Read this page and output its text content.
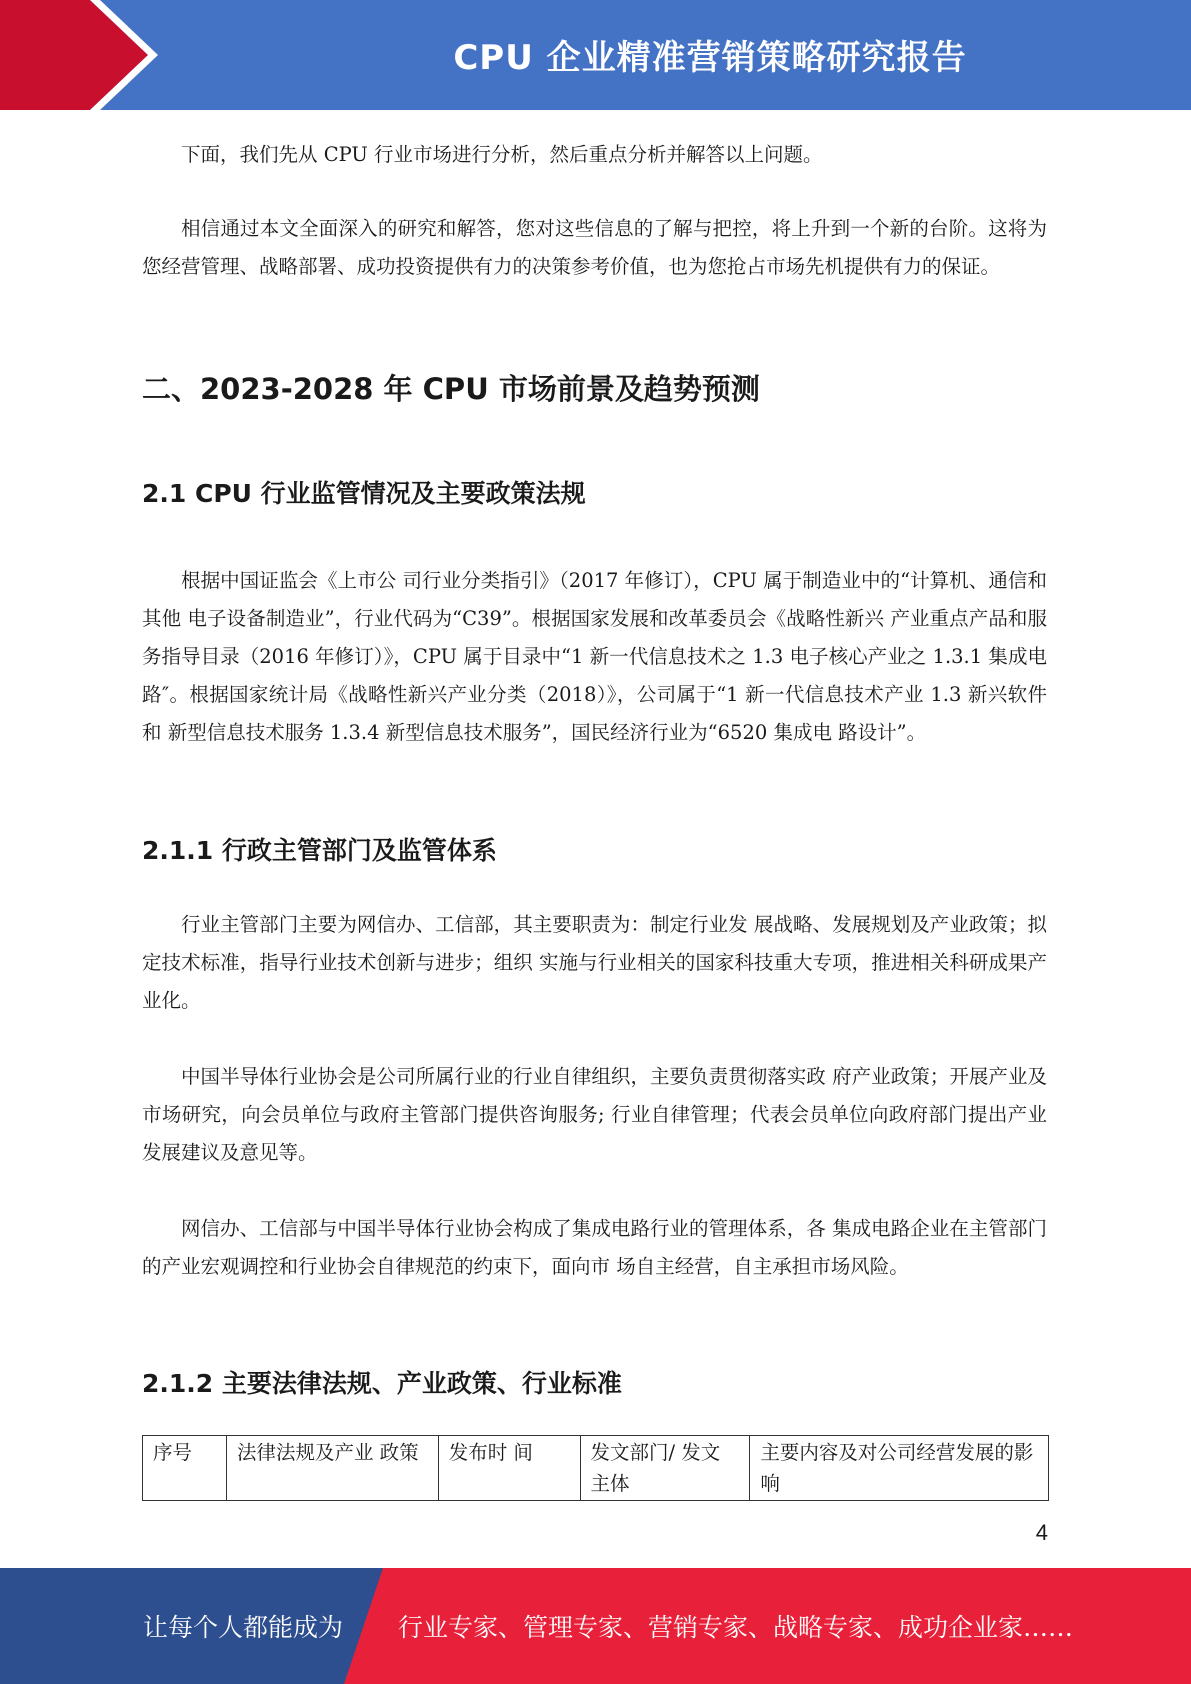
CPU 企业精准营销策略研究报告

下面，我们先从 CPU 行业市场进行分析，然后重点分析并解答以上问题。

相信通过本文全面深入的研究和解答，您对这些信息的了解与把控，将上升到一个新的台阶。这将为您经营管理、战略部署、成功投资提供有力的决策参考价值，也为您抢占市场先机提供有力的保证。

二、2023-2028 年 CPU 市场前景及趋势预测
2.1 CPU 行业监管情况及主要政策法规

根据中国证监会《上市公 司行业分类指引》（2017 年修订），CPU 属于制造业中的“计算机、通信和其他 电子设备制造业”，行业代码为“C39”。根据国家发展和改革委员会《战略性新兴 产业重点产品和服务指导目录（2016 年修订）》，CPU 属于目录中“1 新一代信息技术之 1.3 电子核心产业之 1.3.1 集成电路″。根据国家统计局《战略性新兴产业分类（2018）》，公司属于“1 新一代信息技术产业 1.3 新兴软件和 新型信息技术服务 1.3.4 新型信息技术服务”，国民经济行业为“6520 集成电 路设计”。

2.1.1 行政主管部门及监管体系

行业主管部门主要为网信办、工信部，其主要职责为：制定行业发 展战略、发展规划及产业政策；拟定技术标准，指导行业技术创新与进步；组织 实施与行业相关的国家科技重大专项，推进相关科研成果产业化。

中国半导体行业协会是公司所属行业的行业自律组织，主要负责贯彻落实政 府产业政策；开展产业及市场研究，向会员单位与政府主管部门提供咨询服务; 行业自律管理；代表会员单位向政府部门提出产业发展建议及意见等。

网信办、工信部与中国半导体行业协会构成了集成电路行业的管理体系，各 集成电路企业在主管部门的产业宏观调控和行业协会自律规范的约束下，面向市 场自主经营，自主承担市场风险。

2.1.2 主要法律法规、产业政策、行业标准
序号	法律法规及产业 政策	发布时 间	发文部门/ 发文主体	主要内容及对公司经营发展的影响
4
让每个人都能成为 行业专家、管理专家、营销专家、战略专家、成功企业家……
